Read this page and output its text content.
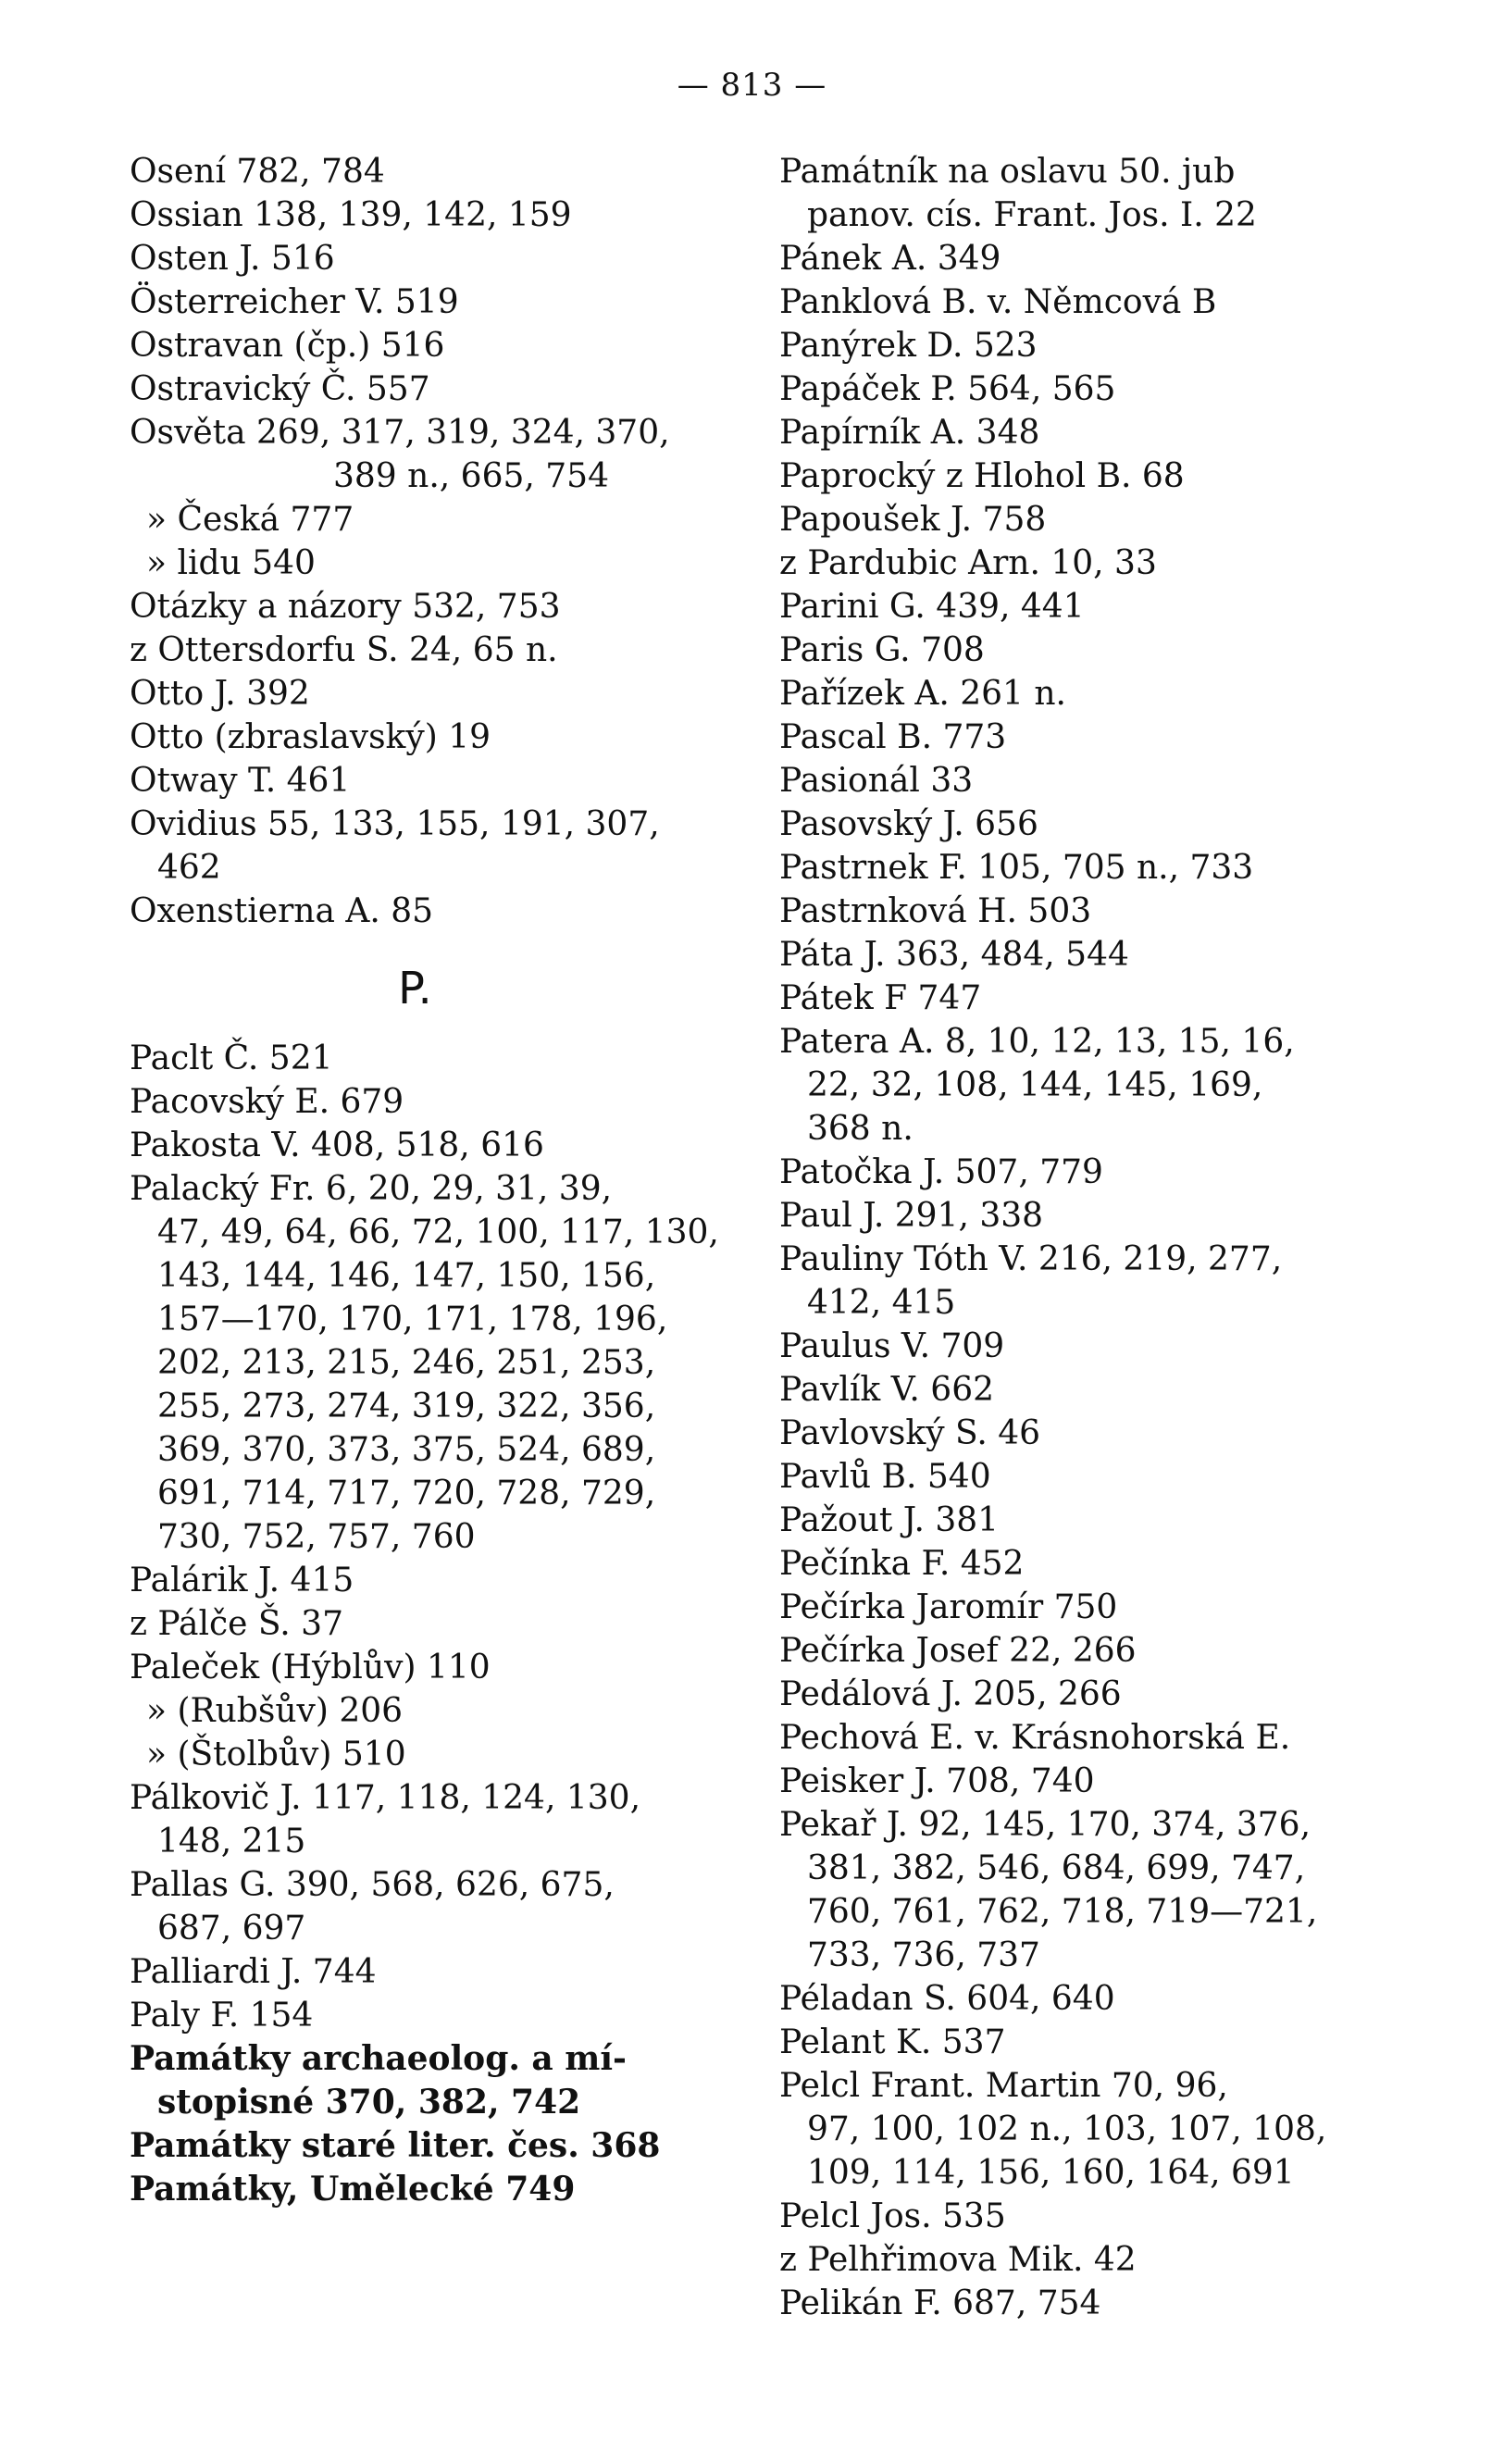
— 813 —
Osení 782, 784
Ossian 138, 139, 142, 159
Osten J. 516
Österreicher V. 519
Ostravan (čp.) 516
Ostravický Č. 557
Osvěta 269, 317, 319, 324, 370,
389 n., 665, 754
» Česká 777
» lidu 540
Otázky a názory 532, 753
z Ottersdorfu S. 24, 65 n.
Otto J. 392
Otto (zbraslavský) 19
Otway T. 461
Ovidius 55, 133, 155, 191, 307,
462
Oxenstierna A. 85
P.
Paclt Č. 521
Pacovský E. 679
Pakosta V. 408, 518, 616
Palacký Fr. 6, 20, 29, 31, 39,
47, 49, 64, 66, 72, 100, 117, 130,
143, 144, 146, 147, 150, 156,
157—170, 170, 171, 178, 196,
202, 213, 215, 246, 251, 253,
255, 273, 274, 319, 322, 356,
369, 370, 373, 375, 524, 689,
691, 714, 717, 720, 728, 729,
730, 752, 757, 760
Palárik J. 415
z Pálče Š. 37
Paleček (Hýblův) 110
» (Rubšův) 206
» (Štolbův) 510
Pálkovič J. 117, 118, 124, 130,
148, 215
Pallas G. 390, 568, 626, 675,
687, 697
Palliardi J. 744
Paly F. 154
Památky archaeolog. a mí-
stopisné 370, 382, 742
Památky staré liter. čes. 368
Památky, Umělecké 749
Památník na oslavu 50. jub
panov. cís. Frant. Jos. I. 22
Pánek A. 349
Panklová B. v. Němcová B
Panýrek D. 523
Papáček P. 564, 565
Papírník A. 348
Paprocký z Hlohol B. 68
Papoušek J. 758
z Pardubic Arn. 10, 33
Parini G. 439, 441
Paris G. 708
Pařízek A. 261 n.
Pascal B. 773
Pasionál 33
Pasovský J. 656
Pastrnek F. 105, 705 n., 733
Pastrnková H. 503
Páta J. 363, 484, 544
Pátek F 747
Patera A. 8, 10, 12, 13, 15, 16,
22, 32, 108, 144, 145, 169,
368 n.
Patočka J. 507, 779
Paul J. 291, 338
Pauliny Tóth V. 216, 219, 277,
412, 415
Paulus V. 709
Pavlík V. 662
Pavlovský S. 46
Pavlů B. 540
Pažout J. 381
Pečínka F. 452
Pečírka Jaromír 750
Pečírka Josef 22, 266
Pedálová J. 205, 266
Pechová E. v. Krásnohorská E.
Peisker J. 708, 740
Pekař J. 92, 145, 170, 374, 376,
381, 382, 546, 684, 699, 747,
760, 761, 762, 718, 719—721,
733, 736, 737
Péladan S. 604, 640
Pelant K. 537
Pelcl Frant. Martin 70, 96,
97, 100, 102 n., 103, 107, 108,
109, 114, 156, 160, 164, 691
Pelcl Jos. 535
z Pelhřimova Mik. 42
Pelikán F. 687, 754
